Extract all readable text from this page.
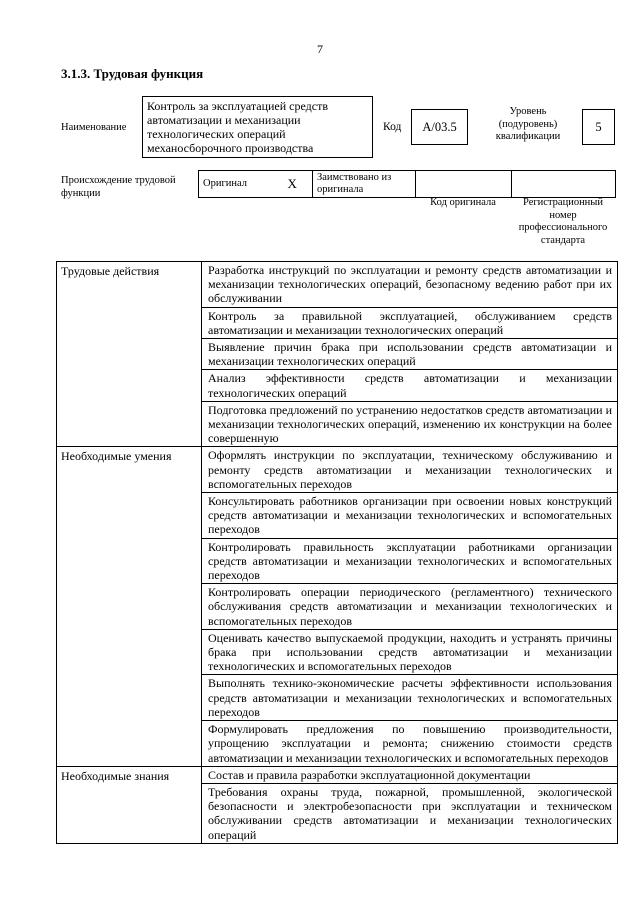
7
3.1.3. Трудовая функция
Наименование
Контроль за эксплуатацией средств автоматизации и механизации технологических операций механосборочного производства
Код	А/03.5
Уровень (подуровень) квалификации
5
Происхождение трудовой функции
Оригинал	X	Заимствовано из оригинала		
Код оригинала	Регистрационный номер профессионального стандарта
Трудовые действия	Разработка инструкций по эксплуатации и ремонту средств автоматизации и механизации технологических операций, безопасному ведению работ при их обслуживании
	Контроль за правильной эксплуатацией, обслуживанием средств автоматизации и механизации технологических операций
	Выявление причин брака при использовании средств автоматизации и механизации технологических операций
	Анализ эффективности средств автоматизации и механизации технологических операций
	Подготовка предложений по устранению недостатков средств автоматизации и механизации технологических операций, изменению их конструкции на более совершенную
Необходимые умения	Оформлять инструкции по эксплуатации, техническому обслуживанию и ремонту средств автоматизации и механизации технологических и вспомогательных переходов
	Консультировать работников организации при освоении новых конструкций средств автоматизации и механизации технологических и вспомогательных переходов
	Контролировать правильность эксплуатации работниками организации средств автоматизации и механизации технологических и вспомогательных переходов
	Контролировать операции периодического (регламентного) технического обслуживания средств автоматизации и механизации технологических и вспомогательных переходов
	Оценивать качество выпускаемой продукции, находить и устранять причины брака при использовании средств автоматизации и механизации технологических и вспомогательных переходов
	Выполнять технико-экономические расчеты эффективности использования средств автоматизации и механизации технологических и вспомогательных переходов
	Формулировать предложения по повышению производительности, упрощению эксплуатации и ремонта; снижению стоимости средств автоматизации и механизации технологических и вспомогательных переходов
Необходимые знания	Состав и правила разработки эксплуатационной документации
	Требования охраны труда, пожарной, промышленной, экологической безопасности и электробезопасности при эксплуатации и техническом обслуживании средств автоматизации и механизации технологических операций
